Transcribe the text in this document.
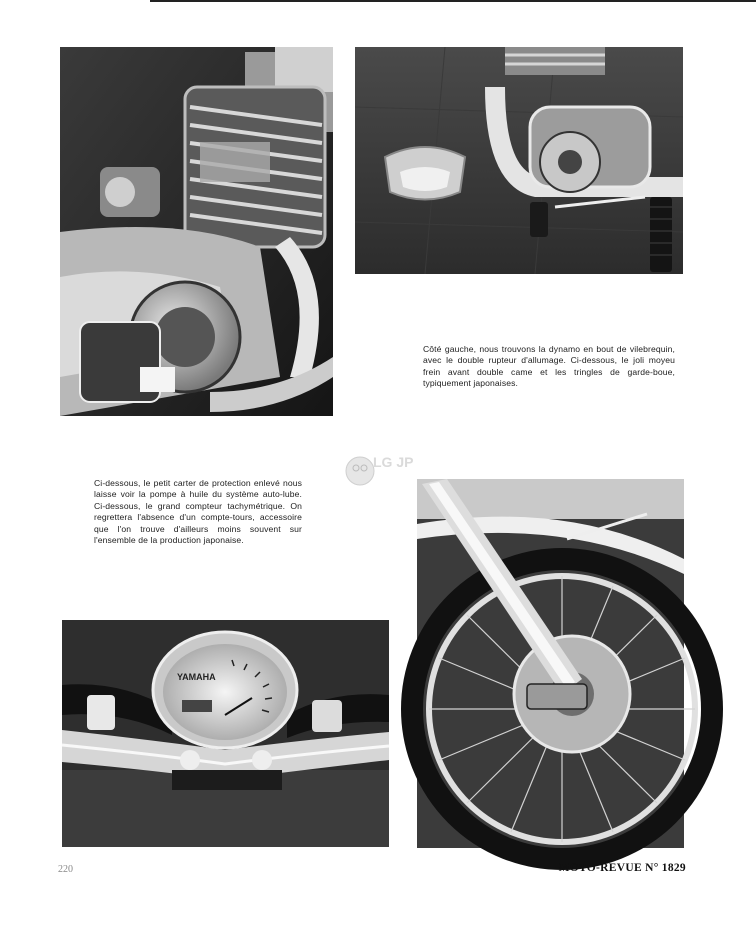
Côté gauche, nous trouvons la dynamo en bout de vilebrequin, avec le double rupteur d'allumage. Ci-dessous, le joli moyeu frein avant double came et les tringles de garde-boue, typiquement japonaises.

LG JP

Ci-dessous, le petit carter de protection enlevé nous laisse voir la pompe à huile du système auto-lube. Ci-dessous, le grand compteur tachymétrique. On regrettera l'absence d'un compte-tours, accessoire que l'on trouve d'ailleurs moins souvent sur l'ensemble de la production japonaise.

YAMAHA
220	MOTO-REVUE N° 1829
